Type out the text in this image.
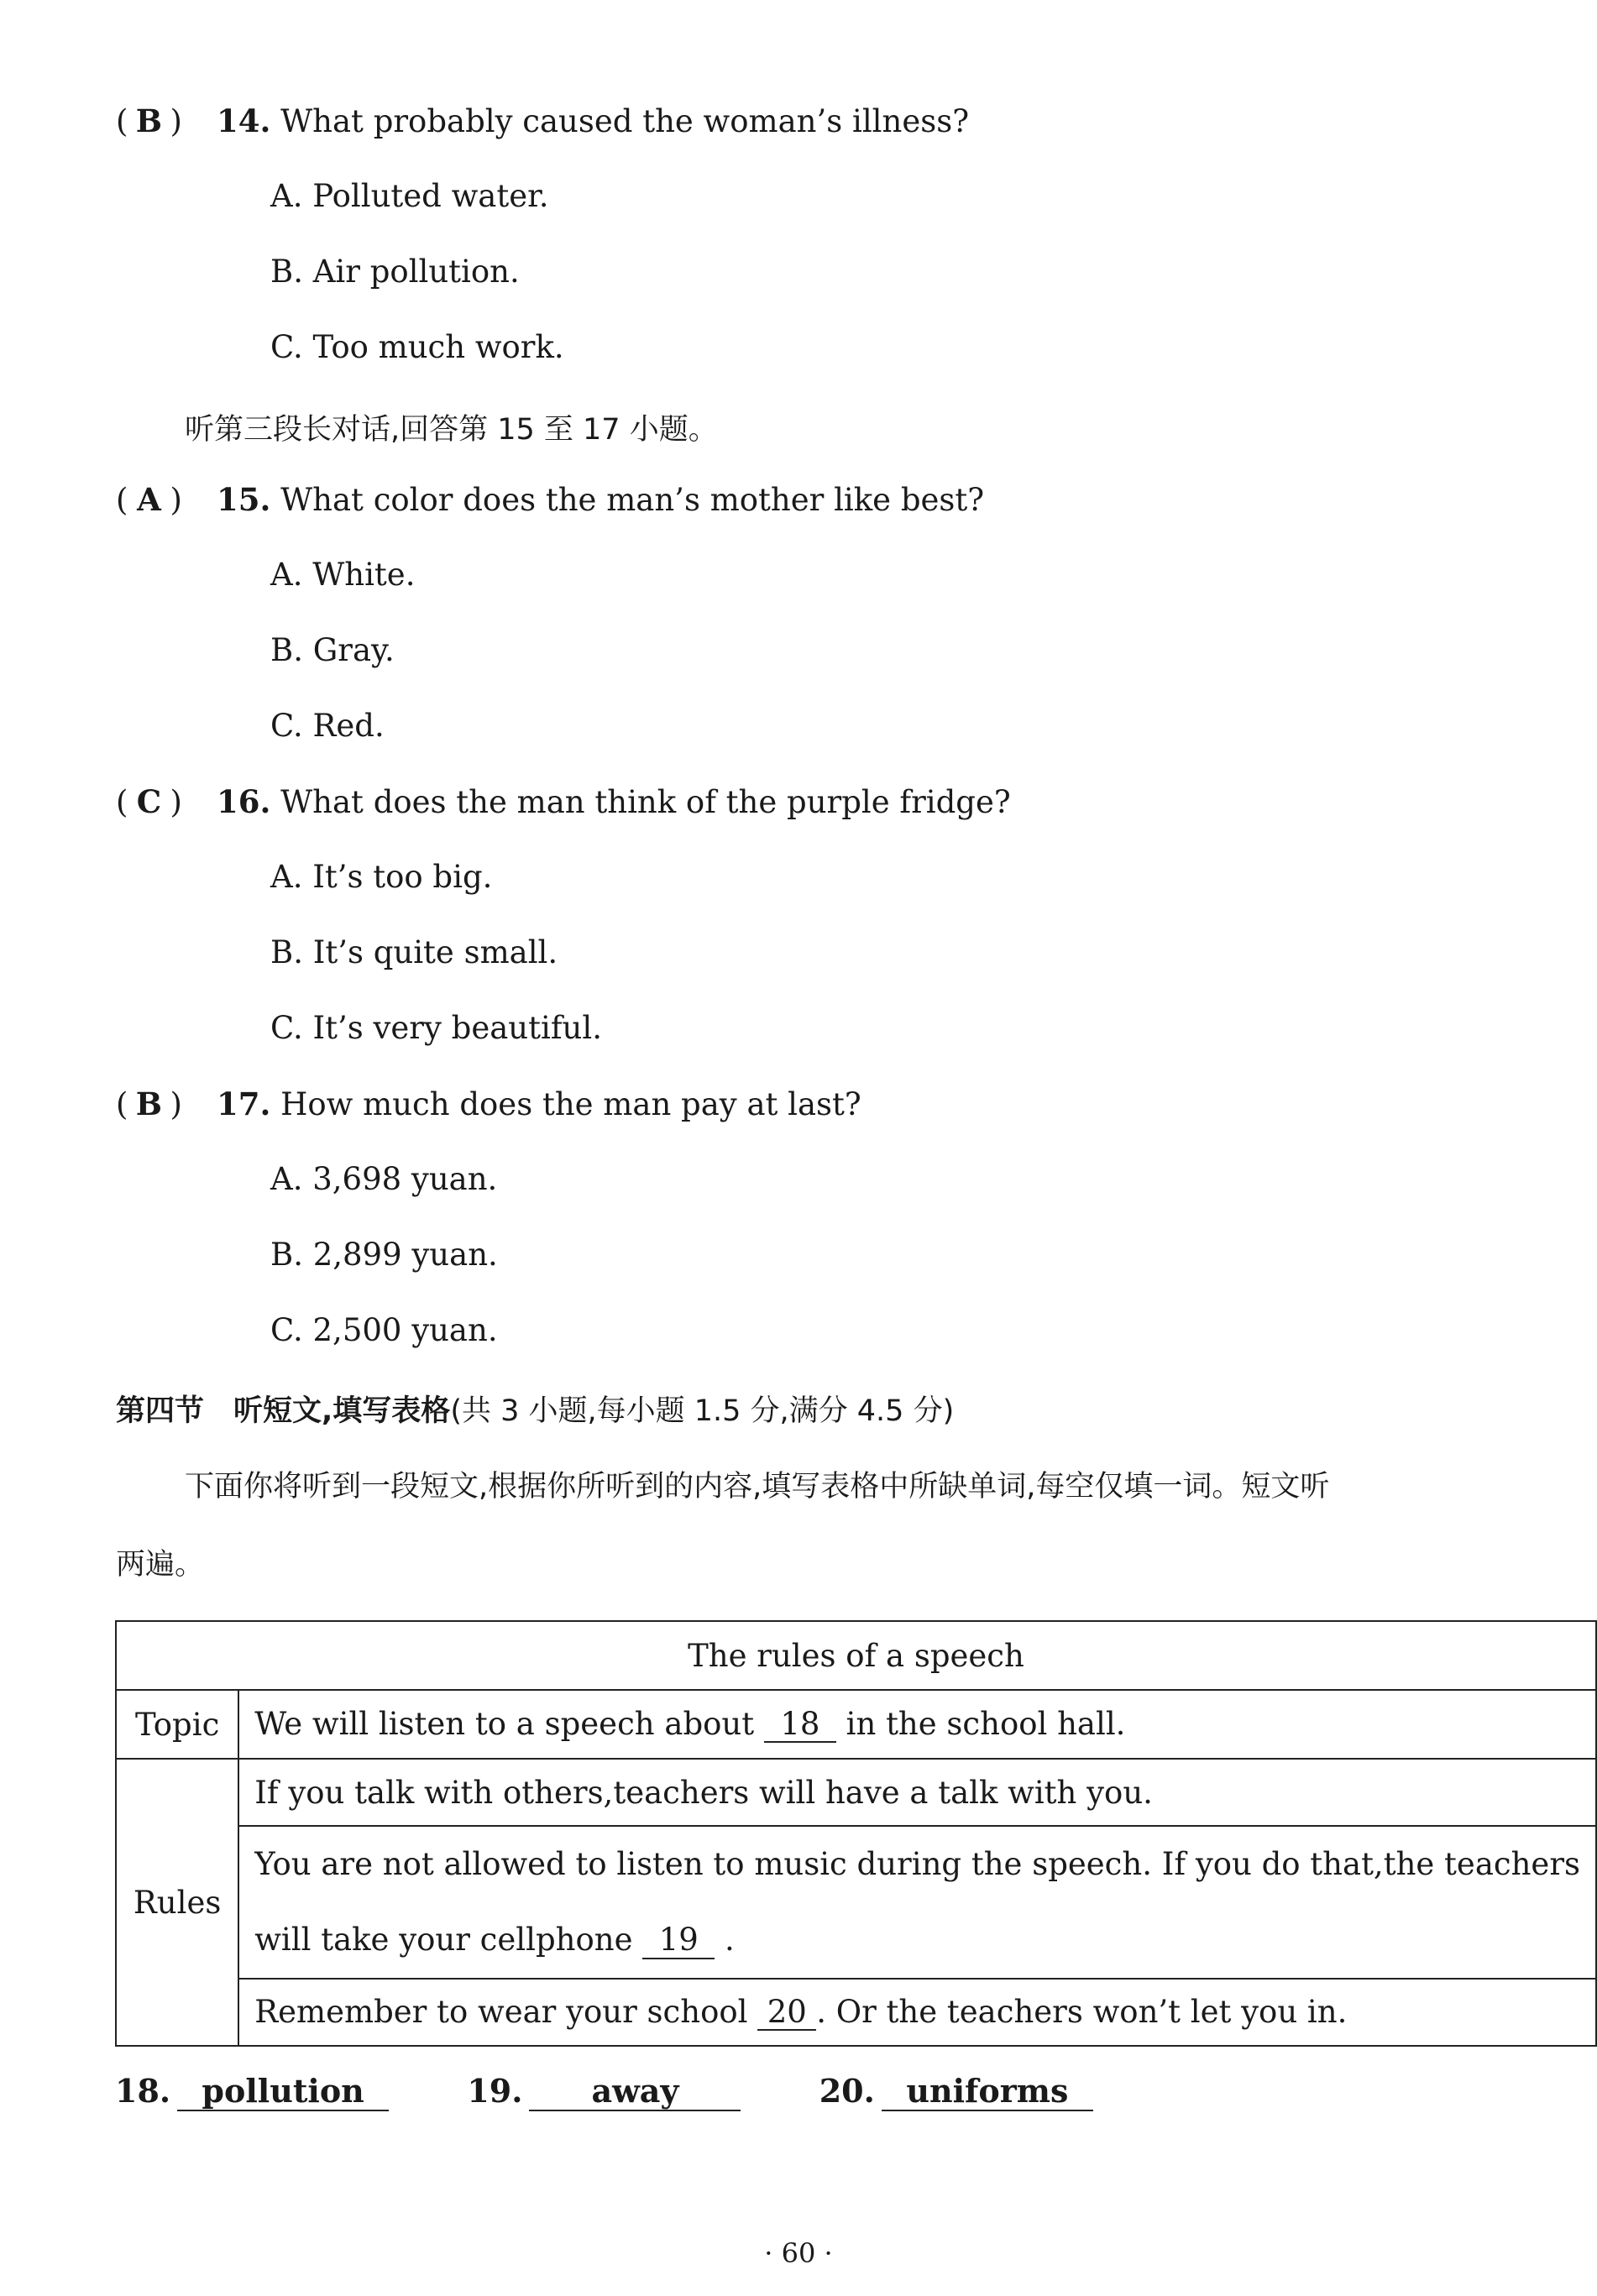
( B ) 14. What probably caused the woman’s illness?
A. Polluted water.
B. Air pollution.
C. Too much work.
听第三段长对话,回答第 15 至 17 小题。
( A ) 15. What color does the man’s mother like best?
A. White.
B. Gray.
C. Red.
( C ) 16. What does the man think of the purple fridge?
A. It’s too big.
B. It’s quite small.
C. It’s very beautiful.
( B ) 17. How much does the man pay at last?
A. 3,698 yuan.
B. 2,899 yuan.
C. 2,500 yuan.
第四节　听短文,填写表格(共 3 小题,每小题 1.5 分,满分 4.5 分)
下面你将听到一段短文,根据你所听到的内容,填写表格中所缺单词,每空仅填一词。短文听
两遍。
The rules of a speech	
Topic	We will listen to a speech about 18 in the school hall.
Rules	If you talk with others,teachers will have a talk with you.

	You are not allowed to listen to music during the speech. If you do that,the teachers
will take your cellphone 19 .

	Remember to wear your school 20 . Or the teachers won’t let you in.
18. pollution	19. away	20. uniforms
· 60 ·
